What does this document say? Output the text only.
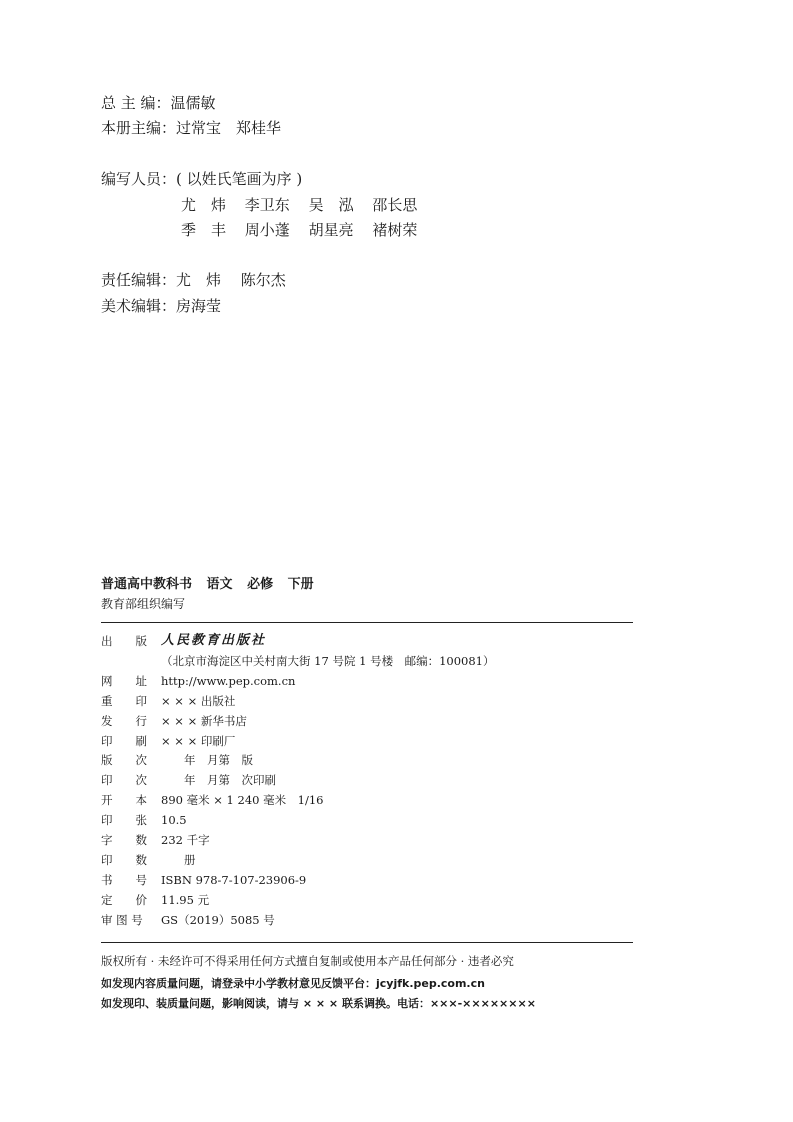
总 主 编：温儒敏
本册主编：过常宝　郑桂华
编写人员：( 以姓氏笔画为序 )
尤　炜 李卫东 吴　泓 邵长思
季　丰 周小蓬 胡星亮 褚树荣
责任编辑：尤　炜　 陈尔杰
美术编辑：房海莹
普通高中教科书 语文 必修 下册
教育部组织编写
出　　版	人民教育出版社
（北京市海淀区中关村南大街 17 号院 1 号楼　邮编：100081）
网　　址	http://www.pep.com.cn
重　　印	× × × 出版社
发　　行	× × × 新华书店
印　　刷	× × × 印刷厂
版　　次	　　年　月第　版
印　　次	　　年　月第　次印刷
开　　本	890 毫米 × 1 240 毫米　1/16
印　　张	10.5
字　　数	232 千字
印　　数	　　册
书　　号	ISBN 978-7-107-23906-9
定　　价	11.95 元
审 图 号	GS（2019）5085 号
版权所有 · 未经许可不得采用任何方式擅自复制或使用本产品任何部分 · 违者必究
如发现内容质量问题，请登录中小学教材意见反馈平台：jcyjfk.pep.com.cn
如发现印、装质量问题，影响阅读，请与 × × × 联系调换。电话：×××-××××××××
